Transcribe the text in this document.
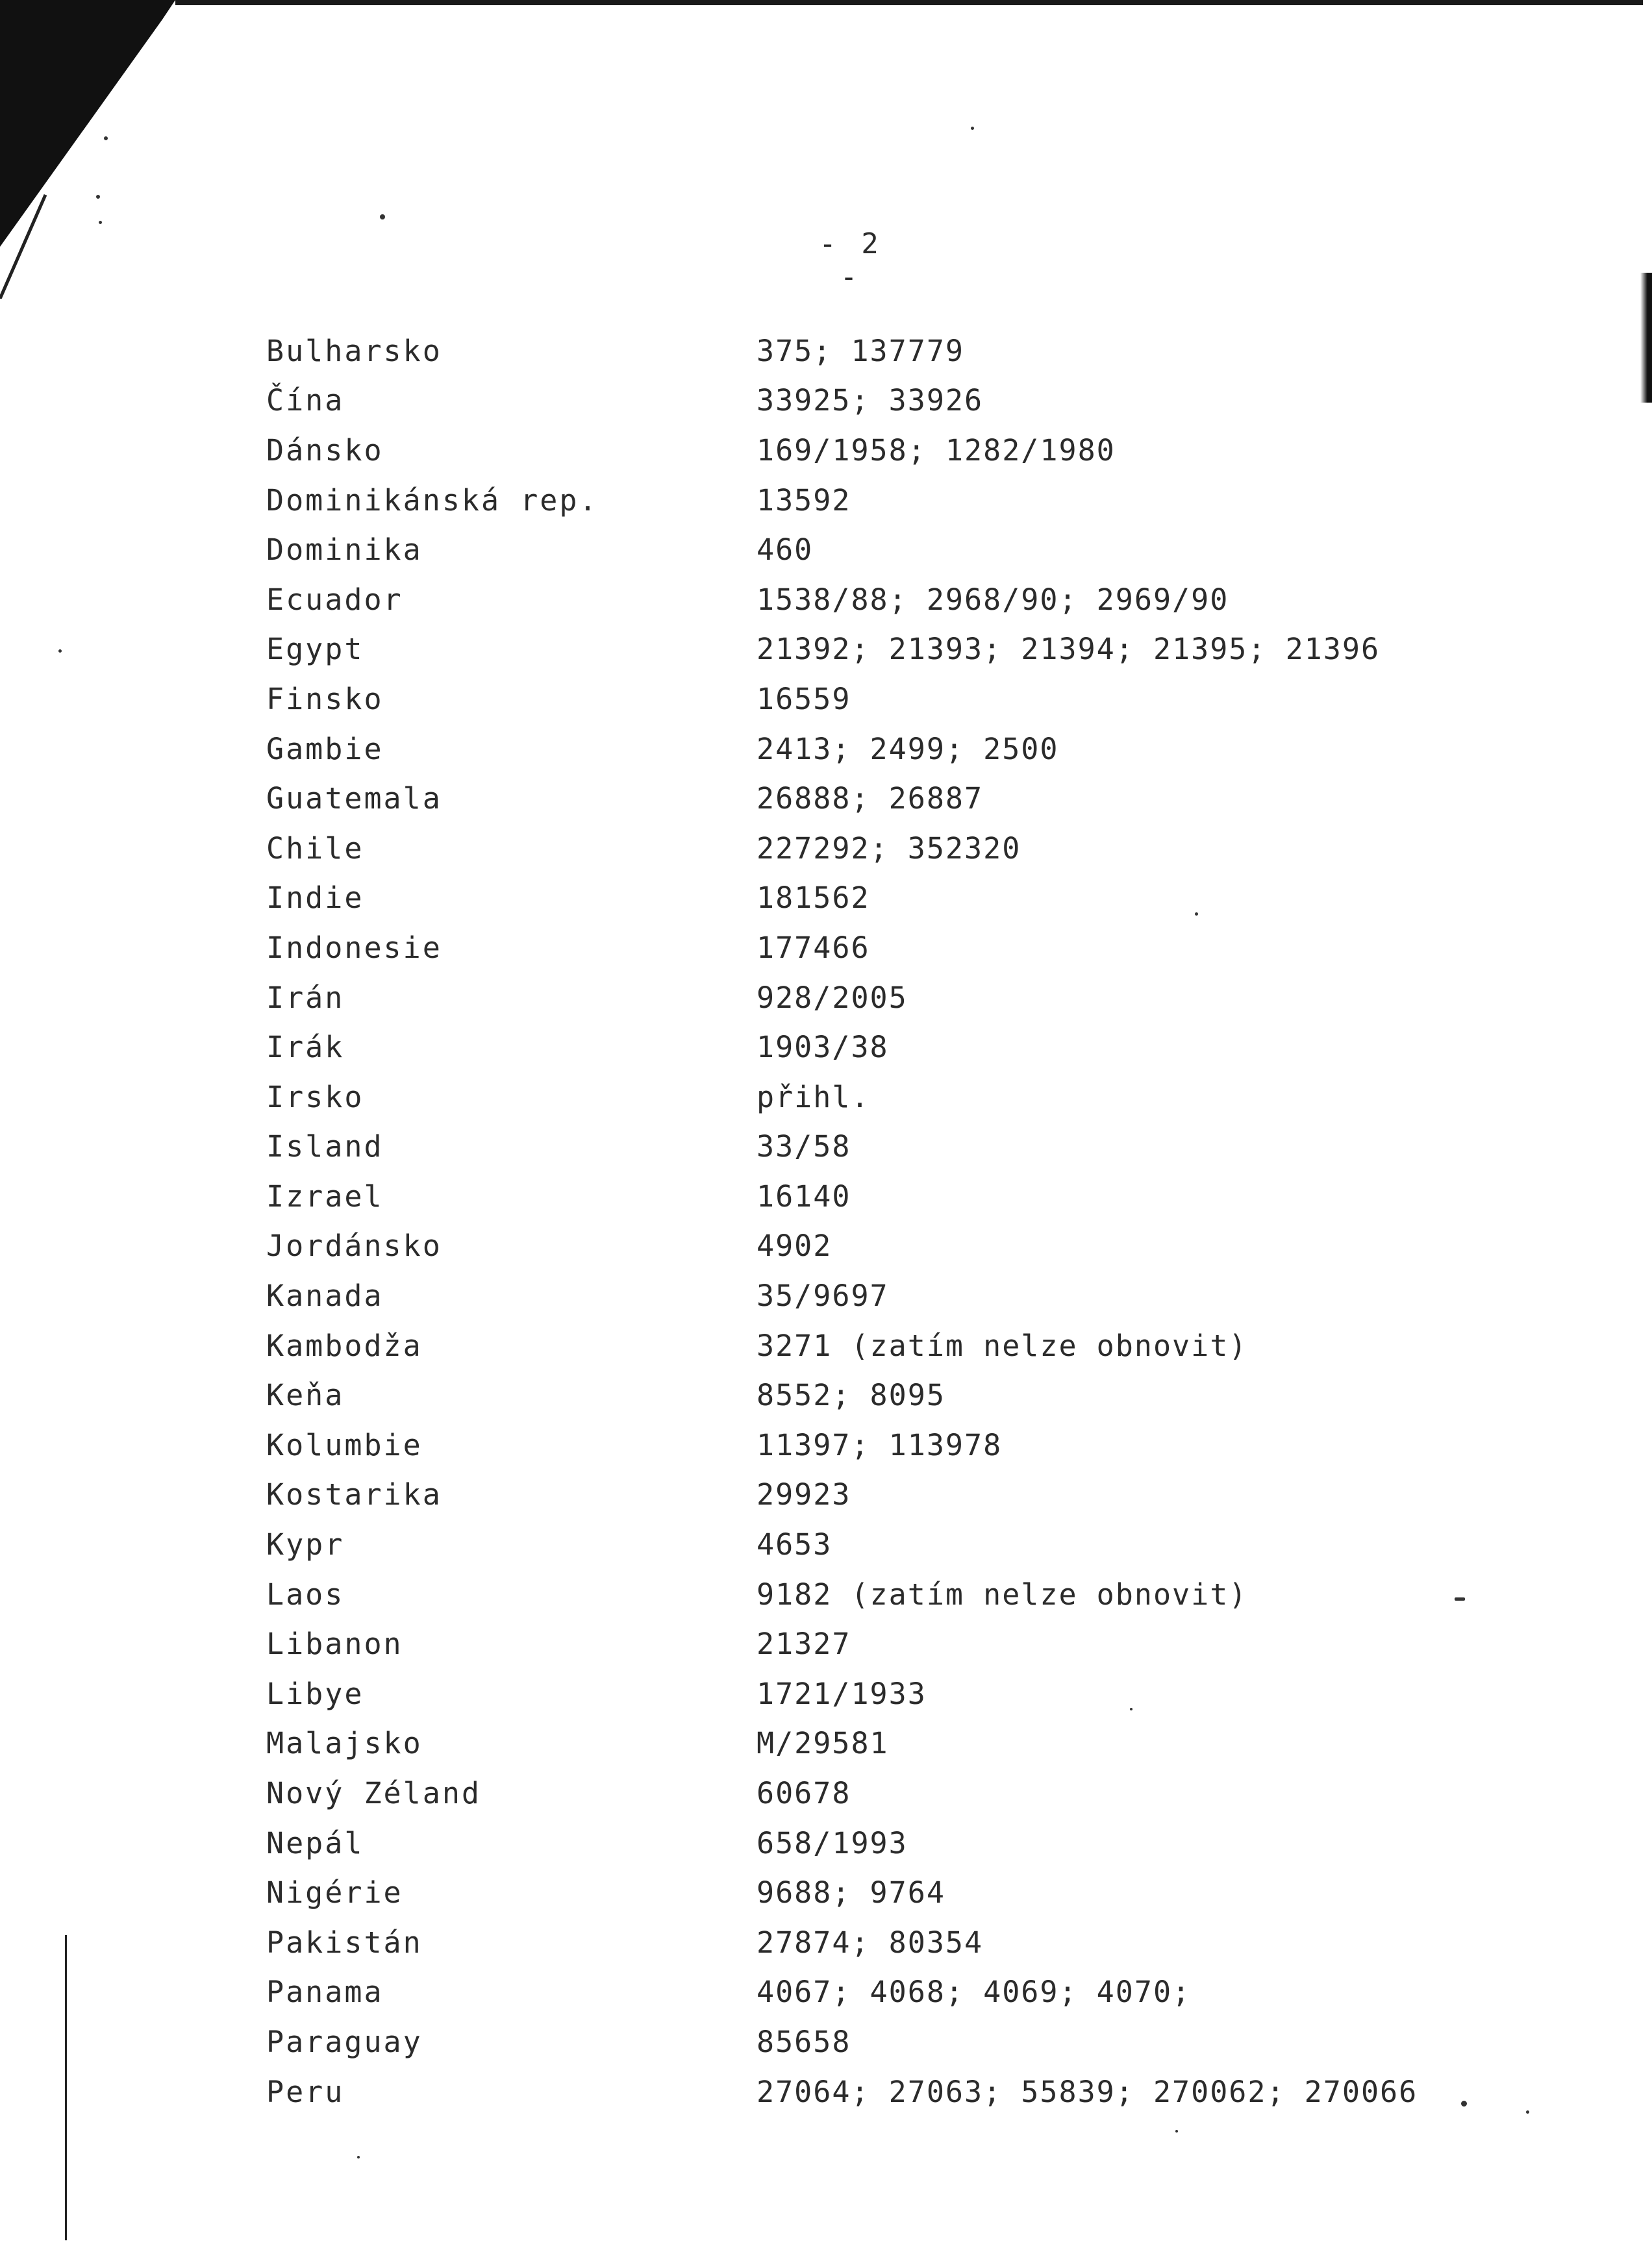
- 2 -
Bulharsko	375; 137779
Čína	33925; 33926
Dánsko	169/1958; 1282/1980
Dominikánská rep.	13592
Dominika	460
Ecuador	1538/88; 2968/90; 2969/90
Egypt	21392; 21393; 21394; 21395; 21396
Finsko	16559
Gambie	2413; 2499; 2500
Guatemala	26888; 26887
Chile	227292; 352320
Indie	181562
Indonesie	177466
Irán	928/2005
Irák	1903/38
Irsko	přihl.
Island	33/58
Izrael	16140
Jordánsko	4902
Kanada	35/9697
Kambodža	3271 (zatím nelze obnovit)
Keňa	8552; 8095
Kolumbie	11397; 113978
Kostarika	29923
Kypr	4653
Laos	9182 (zatím nelze obnovit)
Libanon	21327
Libye	1721/1933
Malajsko	M/29581
Nový Zéland	60678
Nepál	658/1993
Nigérie	9688; 9764
Pakistán	27874; 80354
Panama	4067; 4068; 4069; 4070;
Paraguay	85658
Peru	27064; 27063; 55839; 270062; 270066
